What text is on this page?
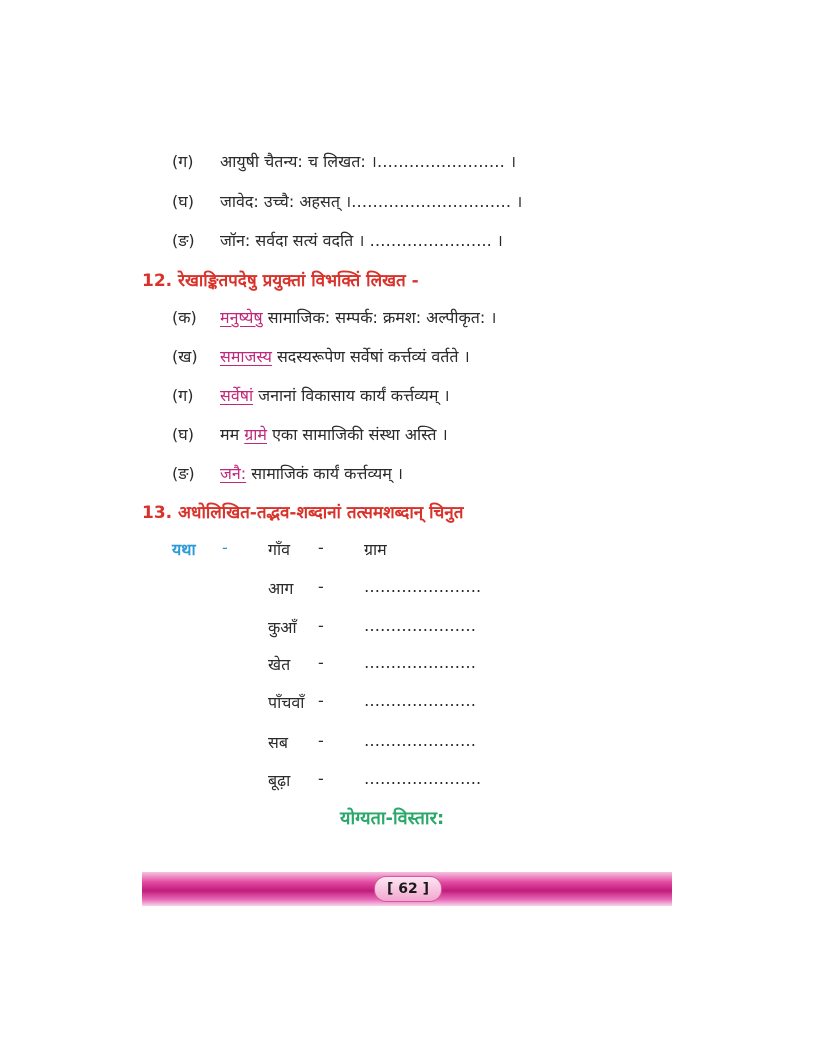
(ग)	आयुषी चैतन्य: च लिखत: ।…………………… ।
(घ)	जावेद: उच्चै: अहसत् ।………………………… ।
(ङ)	जॉन: सर्वदा सत्यं वदति । ………………….. ।
12. रेखाङ्कितपदेषु प्रयुक्तां विभक्तिं लिखत -
(क)	मनुष्येषु सामाजिक: सम्पर्क: क्रमश: अल्पीकृत: ।
(ख)	समाजस्य सदस्यरूपेण सर्वेषां कर्त्तव्यं वर्तते ।
(ग)	सर्वेषां जनानां विकासाय कार्यं कर्त्तव्यम् ।
(घ)	मम ग्रामे एका सामाजिकी संस्था अस्ति ।
(ङ)	जनै: सामाजिकं कार्यं कर्त्तव्यम् ।
13. अधोलिखित-तद्भव-शब्दानां तत्समशब्दान् चिनुत
यथा -	गाँव -	ग्राम
आग -	………………….
कुआँ -	…………………
खेत -	…………………
पाँचवाँ -	…………………
सब -	…………………
बूढ़ा -	………………….
योग्यता-विस्तार:
[ 62 ]
